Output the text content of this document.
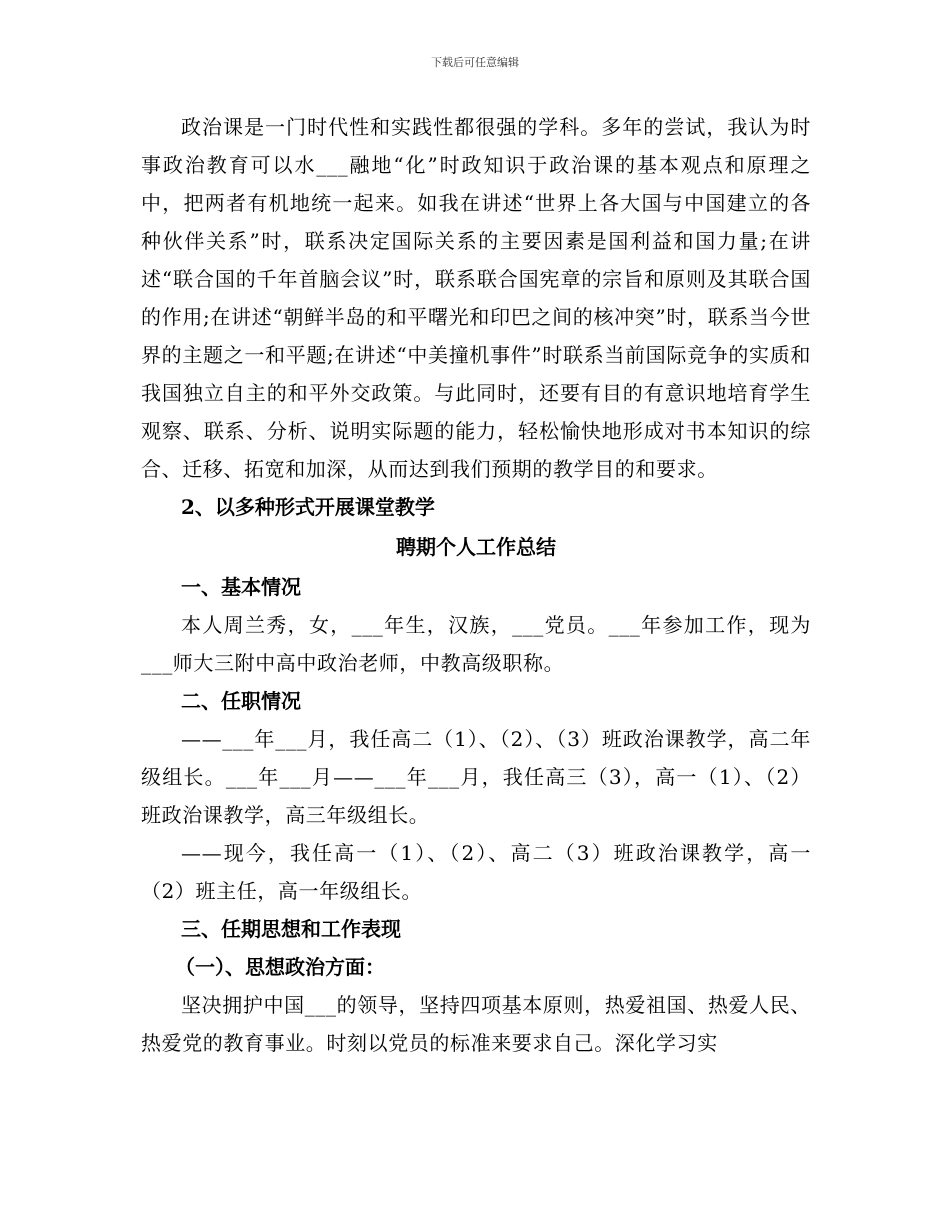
下载后可任意编辑

政治课是一门时代性和实践性都很强的学科。多年的尝试，我认为时事政治教育可以水___融地“化”时政知识于政治课的基本观点和原理之中，把两者有机地统一起来。如我在讲述“世界上各大国与中国建立的各种伙伴关系”时，联系决定国际关系的主要因素是国利益和国力量;在讲述“联合国的千年首脑会议”时，联系联合国宪章的宗旨和原则及其联合国的作用;在讲述“朝鲜半岛的和平曙光和印巴之间的核冲突”时，联系当今世界的主题之一和平题;在讲述“中美撞机事件”时联系当前国际竞争的实质和我国独立自主的和平外交政策。与此同时，还要有目的有意识地培育学生观察、联系、分析、说明实际题的能力，轻松愉快地形成对书本知识的综合、迁移、拓宽和加深，从而达到我们预期的教学目的和要求。

2、以多种形式开展课堂教学

聘期个人工作总结

一、基本情况

本人周兰秀，女，___年生，汉族，___党员。___年参加工作，现为___师大三附中高中政治老师，中教高级职称。

二、任职情况

——___年___月，我任高二（1）、（2）、（3）班政治课教学，高二年级组长。___年___月——___年___月，我任高三（3），高一（1）、（2）班政治课教学，高三年级组长。

——现今，我任高一（1）、（2）、高二（3）班政治课教学，高一（2）班主任，高一年级组长。

三、任期思想和工作表现

（一）、思想政治方面：

坚决拥护中国___的领导，坚持四项基本原则，热爱祖国、热爱人民、热爱党的教育事业。时刻以党员的标准来要求自己。深化学习实
